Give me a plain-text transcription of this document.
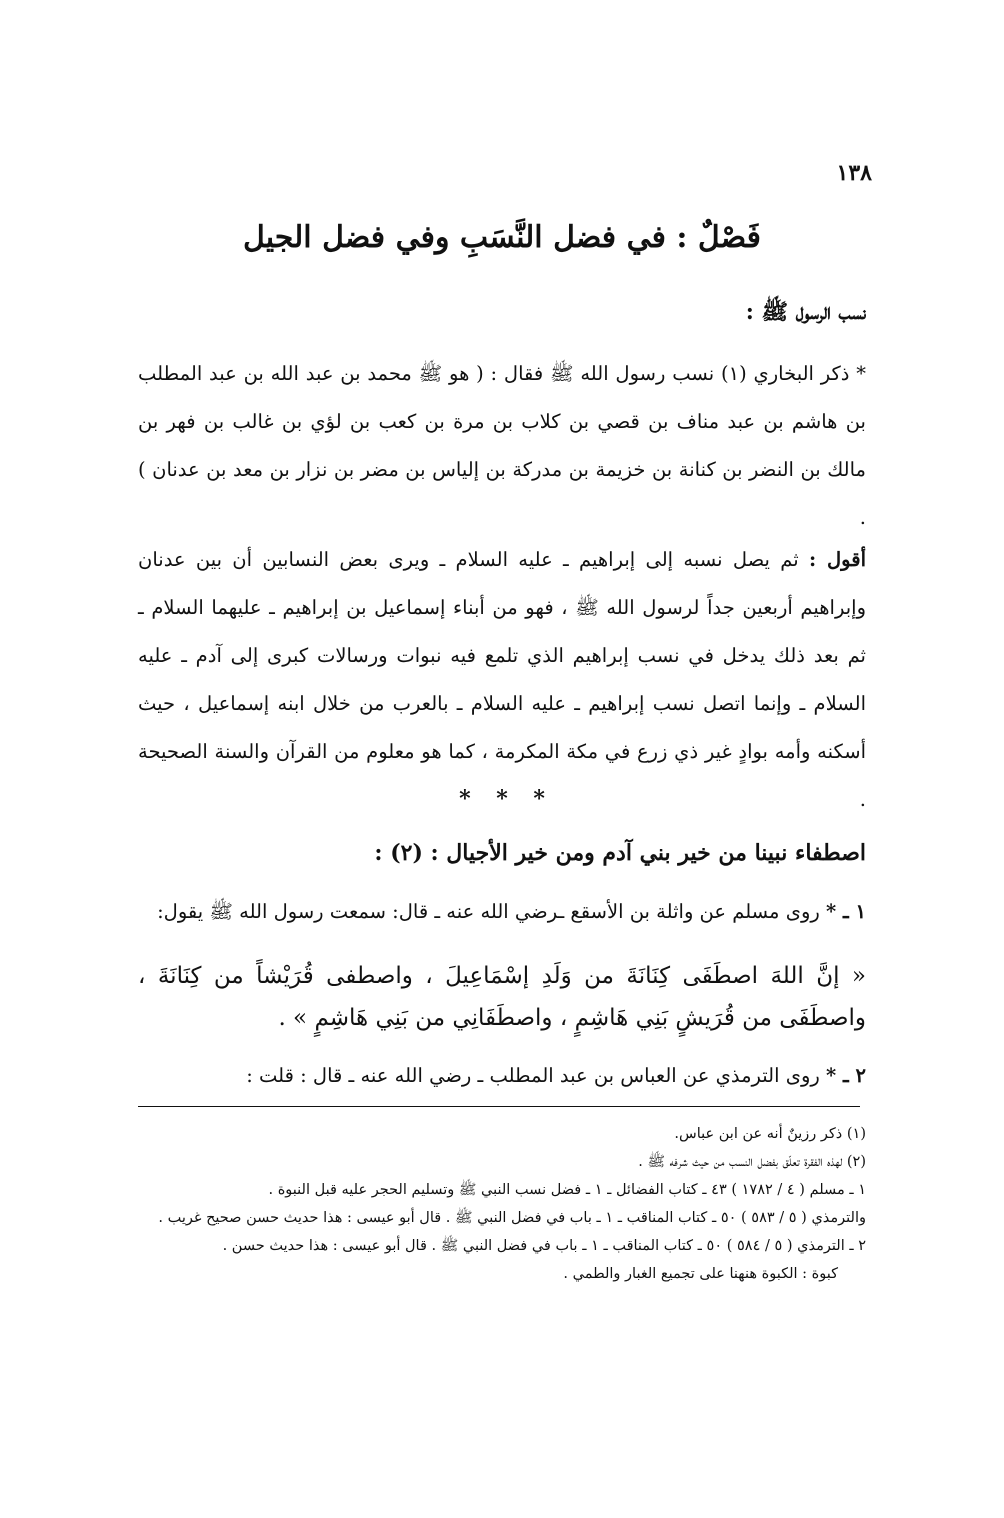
١٣٨
فَصْلٌ : في فضل النَّسَبِ وفي فضل الجيل
نسب الرسول ﷺ :
* ذكر البخاري (١) نسب رسول الله ﷺ فقال : ( هو ﷺ محمد بن عبد الله بن عبد المطلب بن هاشم بن عبد مناف بن قصي بن كلاب بن مرة بن كعب بن لؤي بن غالب بن فهر بن مالك بن النضر بن كنانة بن خزيمة بن مدركة بن إلياس بن مضر بن نزار بن معد بن عدنان ) .
أقول : ثم يصل نسبه إلى إبراهيم ـ عليه السلام ـ ويرى بعض النسابين أن بين عدنان وإبراهيم أربعين جداً لرسول الله ﷺ ، فهو من أبناء إسماعيل بن إبراهيم ـ عليهما السلام ـ ثم بعد ذلك يدخل في نسب إبراهيم الذي تلمع فيه نبوات ورسالات كبرى إلى آدم ـ عليه السلام ـ وإنما اتصل نسب إبراهيم ـ عليه السلام ـ بالعرب من خلال ابنه إسماعيل ، حيث أسكنه وأمه بوادٍ غير ذي زرع في مكة المكرمة ، كما هو معلوم من القرآن والسنة الصحيحة .
* * *
اصطفاء نبينا من خير بني آدم ومن خير الأجيال : (٢) :
١ ـ * روى مسلم عن واثلة بن الأسقع ـرضي الله عنه ـ قال: سمعت رسول الله ﷺ يقول:
« إنَّ اللهَ اصطَفَى كِنَانَةَ من وَلَدِ إسْمَاعِيلَ ، واصطفى قُرَيْشاً من كِنَانَةَ ، واصطَفَى من قُرَيشٍ بَنِي هَاشِمٍ ، واصطَفَانِي من بَنِي هَاشِمٍ » .
٢ ـ * روى الترمذي عن العباس بن عبد المطلب ـ رضي الله عنه ـ قال : قلت :
(١) ذكر رزينٌ أنه عن ابن عباس.
(٢) لهذه الفقرة تعلّق بفضل النسب من حيث شرفه ﷺ .
١ ـ مسلم ( ٤ / ١٧٨٢ ) ٤٣ ـ كتاب الفضائل ـ ١ ـ فضل نسب النبي ﷺ وتسليم الحجر عليه قبل النبوة .
والترمذي ( ٥ / ٥٨٣ ) ٥٠ ـ كتاب المناقب ـ ١ ـ باب في فضل النبي ﷺ . قال أبو عيسى : هذا حديث حسن صحيح غريب .
٢ ـ الترمذي ( ٥ / ٥٨٤ ) ٥٠ ـ كتاب المناقب ـ ١ ـ باب في فضل النبي ﷺ . قال أبو عيسى : هذا حديث حسن .
كبوة : الكبوة هنهنا على تجميع الغبار والطمي .
